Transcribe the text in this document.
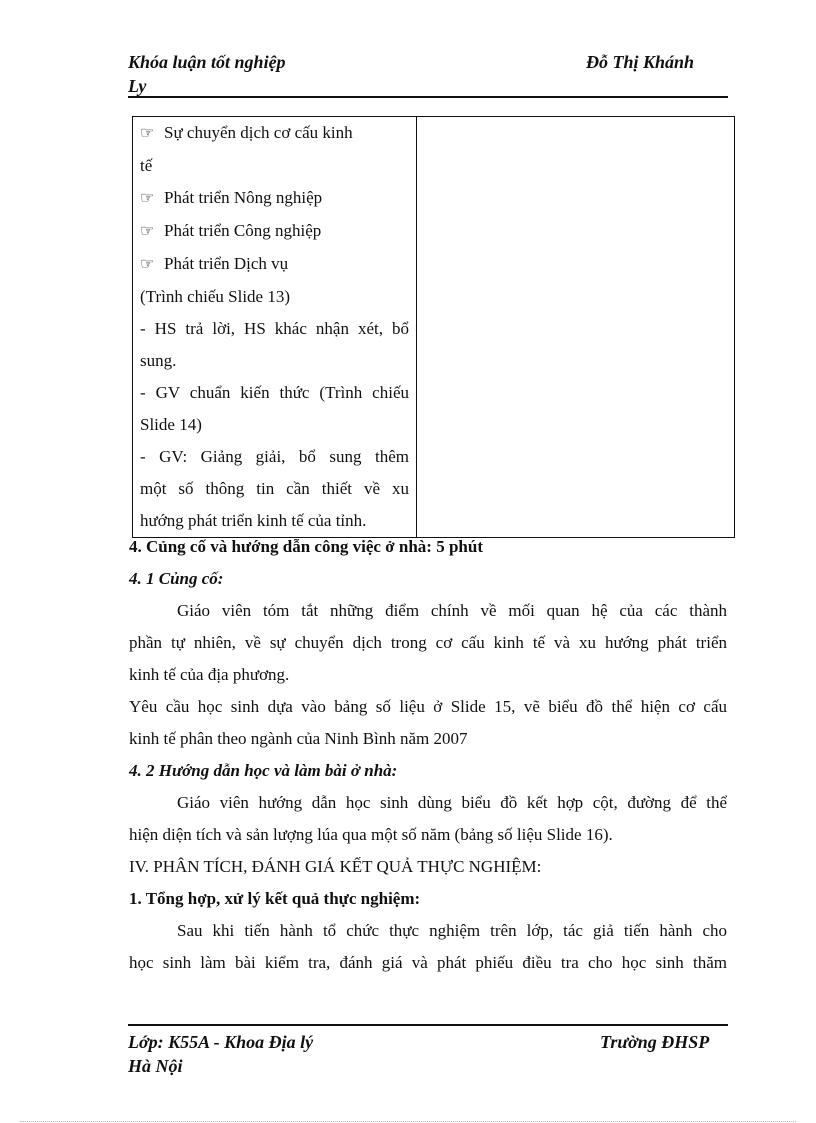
Khóa luận tốt nghiệp
Ly
Đỗ Thị Khánh
☞ Sự chuyển dịch cơ cấu kinh
tế
☞ Phát triển Nông nghiệp
☞ Phát triển Công nghiệp
☞ Phát triển Dịch vụ
(Trình chiếu Slide 13)
- HS trả lời, HS khác nhận xét, bổ
sung.
- GV chuẩn kiến thức (Trình chiếu
Slide 14)
- GV: Giảng giải, bổ sung thêm
một số thông tin cần thiết về xu
hướng phát triển kinh tế của tỉnh.

4. Củng cố và hướng dẫn công việc ở nhà: 5 phút
4. 1 Củng cố:
Giáo viên tóm tắt những điểm chính về mối quan hệ của các thành
phần tự nhiên, về sự chuyển dịch trong cơ cấu kinh tế và xu hướng phát triển
kinh tế của địa phương.
Yêu cầu học sinh dựa vào bảng số liệu ở Slide 15, vẽ biểu đồ thể hiện cơ cấu
kinh tế phân theo ngành của Ninh Bình năm 2007
4. 2 Hướng dẫn học và làm bài ở nhà:
Giáo viên hướng dẫn học sinh dùng biểu đồ kết hợp cột, đường để thể
hiện diện tích và sản lượng lúa qua một số năm (bảng số liệu Slide 16).
IV. PHÂN TÍCH, ĐÁNH GIÁ KẾT QUẢ THỰC NGHIỆM:
1. Tổng hợp, xử lý kết quả thực nghiệm:
Sau khi tiến hành tổ chức thực nghiệm trên lớp, tác giả tiến hành cho
học sinh làm bài kiểm tra, đánh giá và phát phiếu điều tra cho học sinh thăm
Lớp: K55A - Khoa Địa lý
Hà Nội
Trường ĐHSP
